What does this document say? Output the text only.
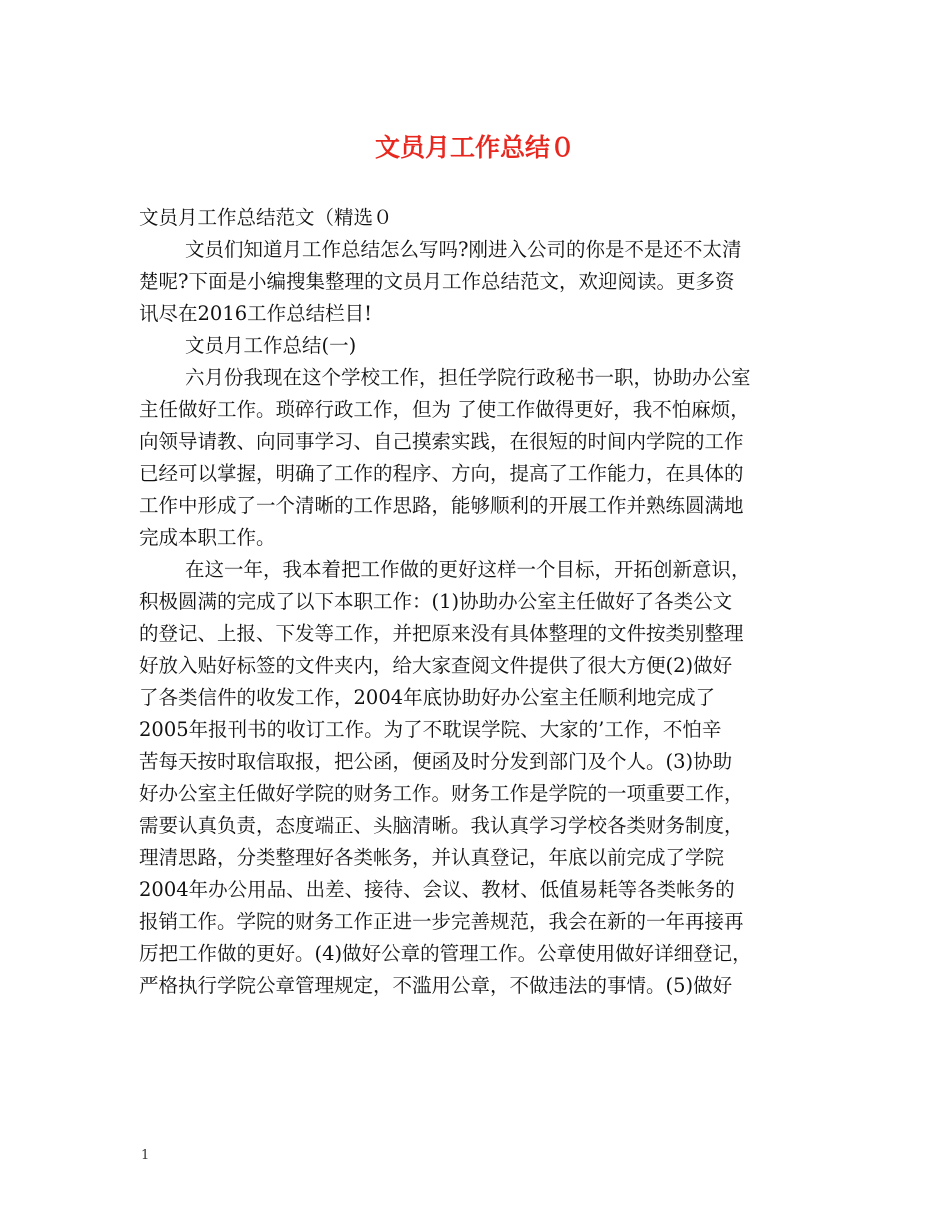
文员月工作总结０
文员月工作总结范文（精选０
文员们知道月工作总结怎么写吗?刚进入公司的你是不是还不太清
楚呢?下面是小编搜集整理的文员月工作总结范文，欢迎阅读。更多资
讯尽在2016工作总结栏目!
文员月工作总结(一)
六月份我现在这个学校工作，担任学院行政秘书一职，协助办公室
主任做好工作。琐碎行政工作，但为 了使工作做得更好，我不怕麻烦，
向领导请教、向同事学习、自己摸索实践，在很短的时间内学院的工作
已经可以掌握，明确了工作的程序、方向，提高了工作能力，在具体的
工作中形成了一个清晰的工作思路，能够顺利的开展工作并熟练圆满地
完成本职工作。
在这一年，我本着把工作做的更好这样一个目标，开拓创新意识，
积极圆满的完成了以下本职工作：(1)协助办公室主任做好了各类公文
的登记、上报、下发等工作，并把原来没有具体整理的文件按类别整理
好放入贴好标签的文件夹内，给大家查阅文件提供了很大方便(2)做好
了各类信件的收发工作，2004年底协助好办公室主任顺利地完成了
2005年报刊书的收订工作。为了不耽误学院、大家的’工作，不怕辛
苦每天按时取信取报，把公函，便函及时分发到部门及个人。(3)协助
好办公室主任做好学院的财务工作。财务工作是学院的一项重要工作，
需要认真负责，态度端正、头脑清晰。我认真学习学校各类财务制度，
理清思路，分类整理好各类帐务，并认真登记，年底以前完成了学院
2004年办公用品、出差、接待、会议、教材、低值易耗等各类帐务的
报销工作。学院的财务工作正进一步完善规范，我会在新的一年再接再
厉把工作做的更好。(4)做好公章的管理工作。公章使用做好详细登记，
严格执行学院公章管理规定，不滥用公章，不做违法的事情。(5)做好
1
